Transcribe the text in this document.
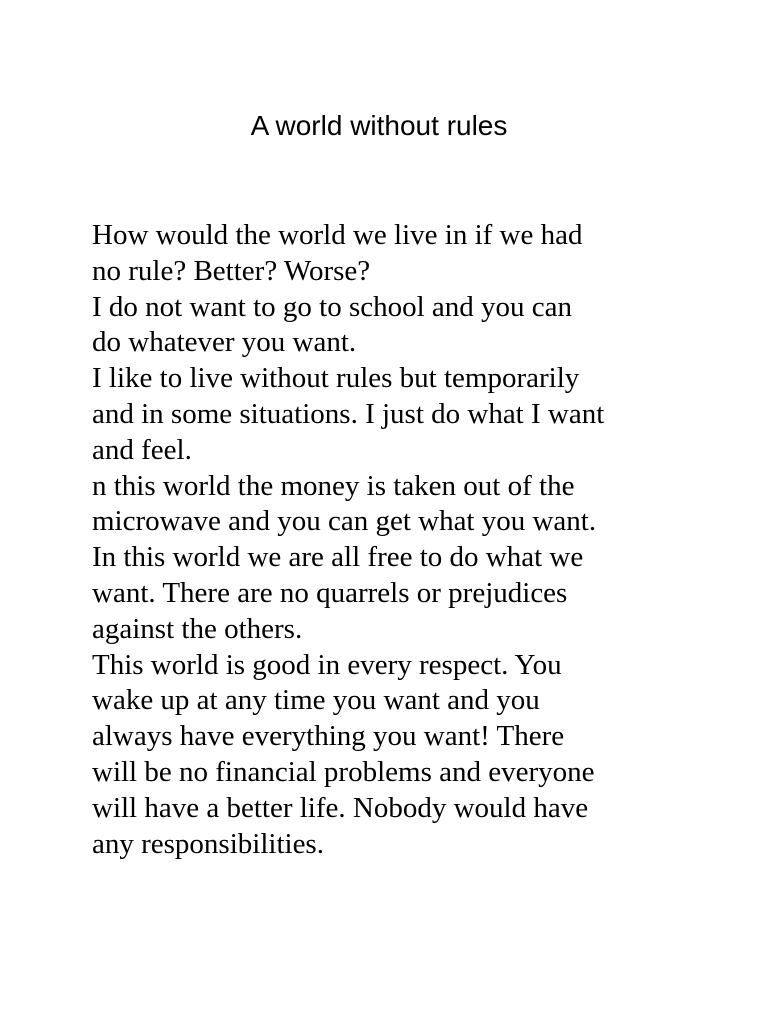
A world without rules
How would the world we live in if we had
no rule? Better? Worse?
I do not want to go to school and you can
do whatever you want.
I like to live without rules but temporarily
and in some situations. I just do what I want
and feel.
n this world the money is taken out of the
microwave and you can get what you want.
In this world we are all free to do what we
want. There are no quarrels or prejudices
against the others.
This world is good in every respect. You
wake up at any time you want and you
always have everything you want! There
will be no financial problems and everyone
will have a better life. Nobody would have
any responsibilities.
